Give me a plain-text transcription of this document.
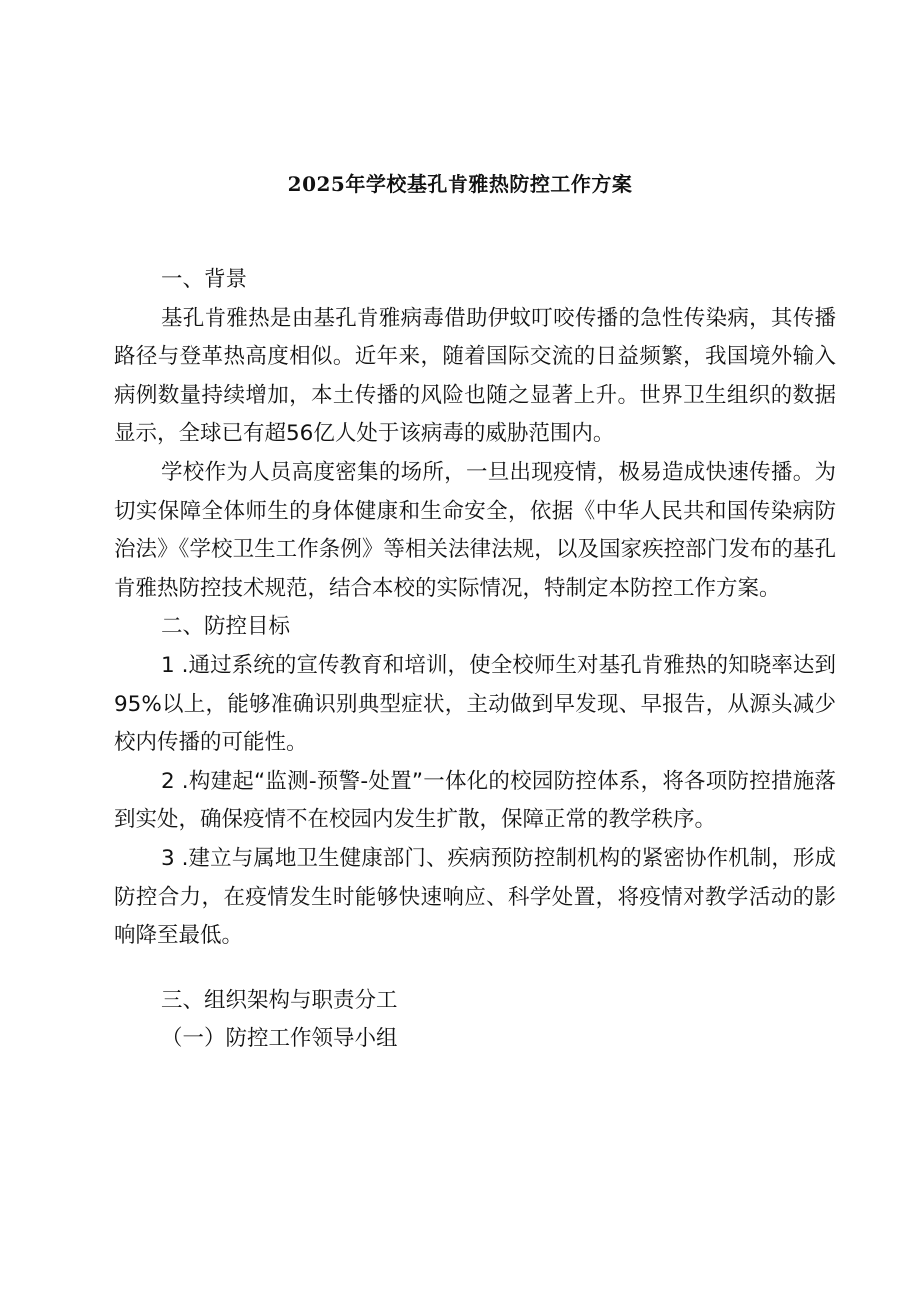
2025年学校基孔肯雅热防控工作方案

一、背景

基孔肯雅热是由基孔肯雅病毒借助伊蚊叮咬传播的急性传染病，其传播路径与登革热高度相似。近年来，随着国际交流的日益频繁，我国境外输入病例数量持续增加，本土传播的风险也随之显著上升。世界卫生组织的数据显示，全球已有超56亿人处于该病毒的威胁范围内。

学校作为人员高度密集的场所，一旦出现疫情，极易造成快速传播。为切实保障全体师生的身体健康和生命安全，依据《中华人民共和国传染病防治法》《学校卫生工作条例》等相关法律法规，以及国家疾控部门发布的基孔肯雅热防控技术规范，结合本校的实际情况，特制定本防控工作方案。

二、防控目标

1 .通过系统的宣传教育和培训，使全校师生对基孔肯雅热的知晓率达到95%以上，能够准确识别典型症状，主动做到早发现、早报告，从源头减少校内传播的可能性。

2 .构建起“监测-预警-处置”一体化的校园防控体系，将各项防控措施落到实处，确保疫情不在校园内发生扩散，保障正常的教学秩序。

3 .建立与属地卫生健康部门、疾病预防控制机构的紧密协作机制，形成防控合力，在疫情发生时能够快速响应、科学处置，将疫情对教学活动的影响降至最低。

三、组织架构与职责分工

（一）防控工作领导小组
